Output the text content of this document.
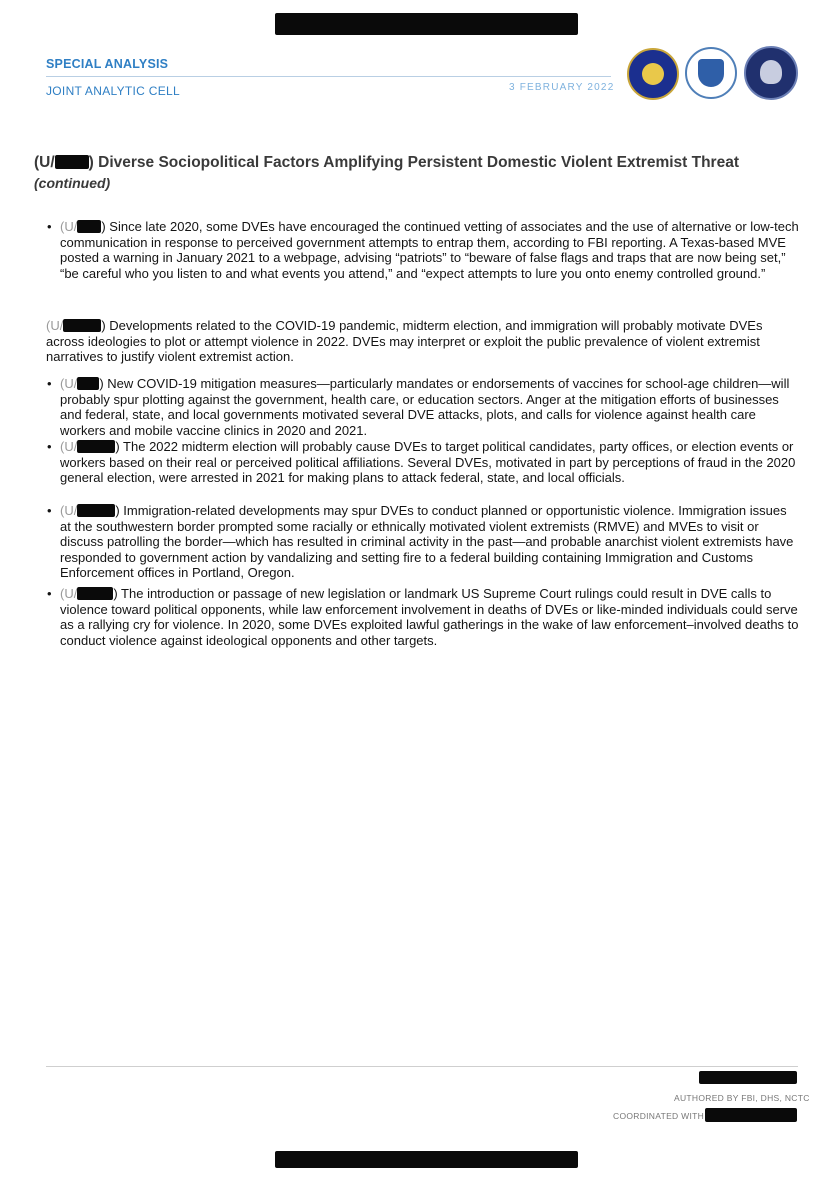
SPECIAL ANALYSIS
JOINT ANALYTIC CELL	3 FEBRUARY 2022
(U/ ) Diverse Sociopolitical Factors Amplifying Persistent Domestic Violent Extremist Threat (continued)
• (U/ ) Since late 2020, some DVEs have encouraged the continued vetting of associates and the use of alternative or low-tech communication in response to perceived government attempts to entrap them, according to FBI reporting. A Texas-based MVE posted a warning in January 2021 to a webpage, advising “patriots” to “beware of false flags and traps that are now being set,” “be careful who you listen to and what events you attend,” and “expect attempts to lure you onto enemy controlled ground.”
(U/	) Developments related to the COVID-19 pandemic, midterm election, and immigration will probably motivate DVEs across ideologies to plot or attempt violence in 2022. DVEs may interpret or exploit the public prevalence of violent extremist narratives to justify violent extremist action.
• (U/ ) New COVID-19 mitigation measures—particularly mandates or endorsements of vaccines for school-age children—will probably spur plotting against the government, health care, or education sectors. Anger at the mitigation efforts of businesses and federal, state, and local governments motivated several DVE attacks, plots, and calls for violence against health care workers and mobile vaccine clinics in 2020 and 2021.
• (U/	) The 2022 midterm election will probably cause DVEs to target political candidates, party offices, or election events or workers based on their real or perceived political affiliations. Several DVEs, motivated in part by perceptions of fraud in the 2020 general election, were arrested in 2021 for making plans to attack federal, state, and local officials.
• (U/	) Immigration-related developments may spur DVEs to conduct planned or opportunistic violence. Immigration issues at the southwestern border prompted some racially or ethnically motivated violent extremists (RMVE) and MVEs to visit or discuss patrolling the border—which has resulted in criminal activity in the past—and probable anarchist violent extremists have responded to government action by vandalizing and setting fire to a federal building containing Immigration and Customs Enforcement offices in Portland, Oregon.
• (U/	) The introduction or passage of new legislation or landmark US Supreme Court rulings could result in DVE calls to violence toward political opponents, while law enforcement involvement in deaths of DVEs or like-minded individuals could serve as a rallying cry for violence. In 2020, some DVEs exploited lawful gatherings in the wake of law enforcement–involved deaths to conduct violence against ideological opponents and other targets.
AUTHORED BY FBI, DHS, NCTC
COORDINATED WITH
